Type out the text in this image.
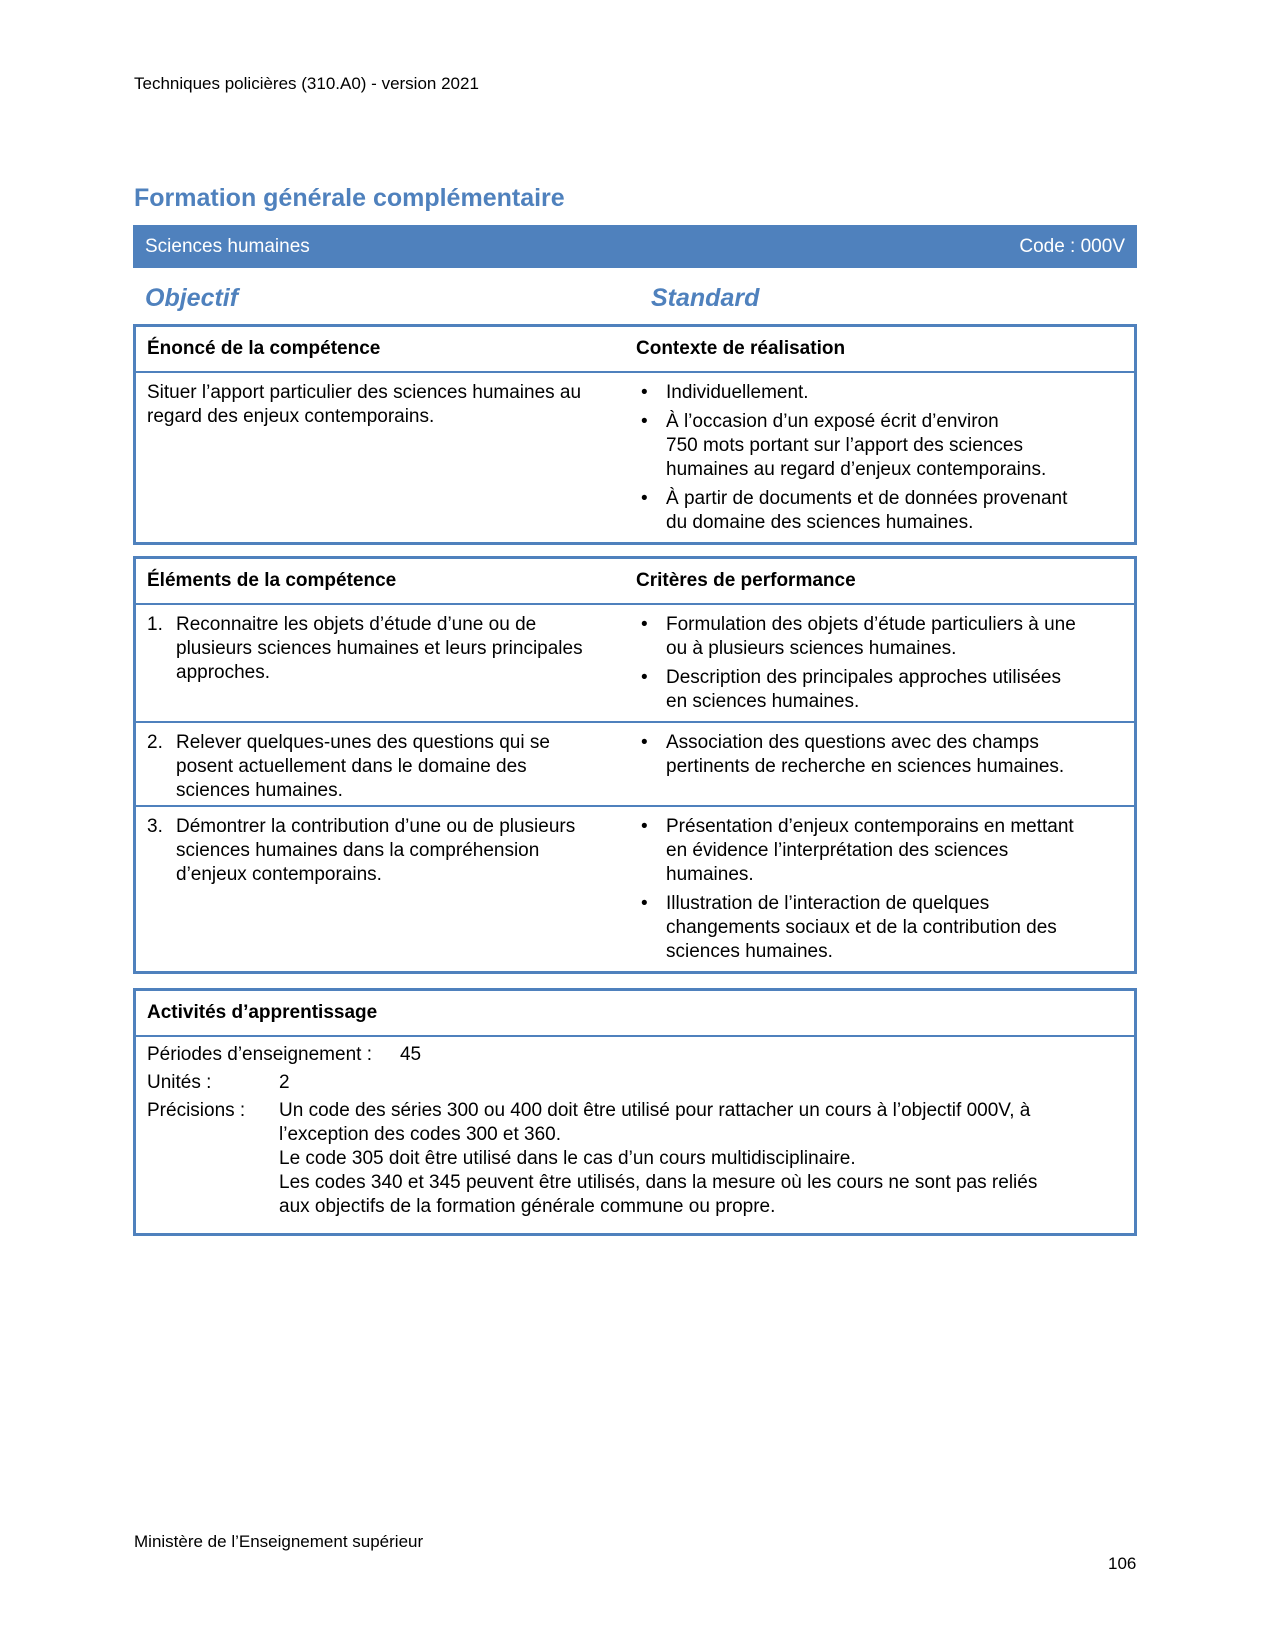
Techniques policières (310.A0) - version 2021
Formation générale complémentaire
Sciences humaines	Code : 000V
Objectif	Standard
Énoncé de la compétence	Contexte de réalisation
Situer l’apport particulier des sciences humaines au
regard des enjeux contemporains.
• Individuellement.
• À l’occasion d’un exposé écrit d’environ
750 mots portant sur l’apport des sciences
humaines au regard d’enjeux contemporains.
• À partir de documents et de données provenant
du domaine des sciences humaines.
Éléments de la compétence	Critères de performance
1. Reconnaitre les objets d’étude d’une ou de
plusieurs sciences humaines et leurs principales
approches.
• Formulation des objets d’étude particuliers à une
ou à plusieurs sciences humaines.
• Description des principales approches utilisées
en sciences humaines.
2. Relever quelques-unes des questions qui se
posent actuellement dans le domaine des
sciences humaines.
• Association des questions avec des champs
pertinents de recherche en sciences humaines.
3. Démontrer la contribution d’une ou de plusieurs
sciences humaines dans la compréhension
d’enjeux contemporains.
• Présentation d’enjeux contemporains en mettant
en évidence l’interprétation des sciences
humaines.
• Illustration de l’interaction de quelques
changements sociaux et de la contribution des
sciences humaines.
Activités d’apprentissage
Périodes d’enseignement : 45
Unités :	2
Précisions :	Un code des séries 300 ou 400 doit être utilisé pour rattacher un cours à l’objectif 000V, à
l’exception des codes 300 et 360.
Le code 305 doit être utilisé dans le cas d’un cours multidisciplinaire.
Les codes 340 et 345 peuvent être utilisés, dans la mesure où les cours ne sont pas reliés
aux objectifs de la formation générale commune ou propre.
Ministère de l’Enseignement supérieur
106
